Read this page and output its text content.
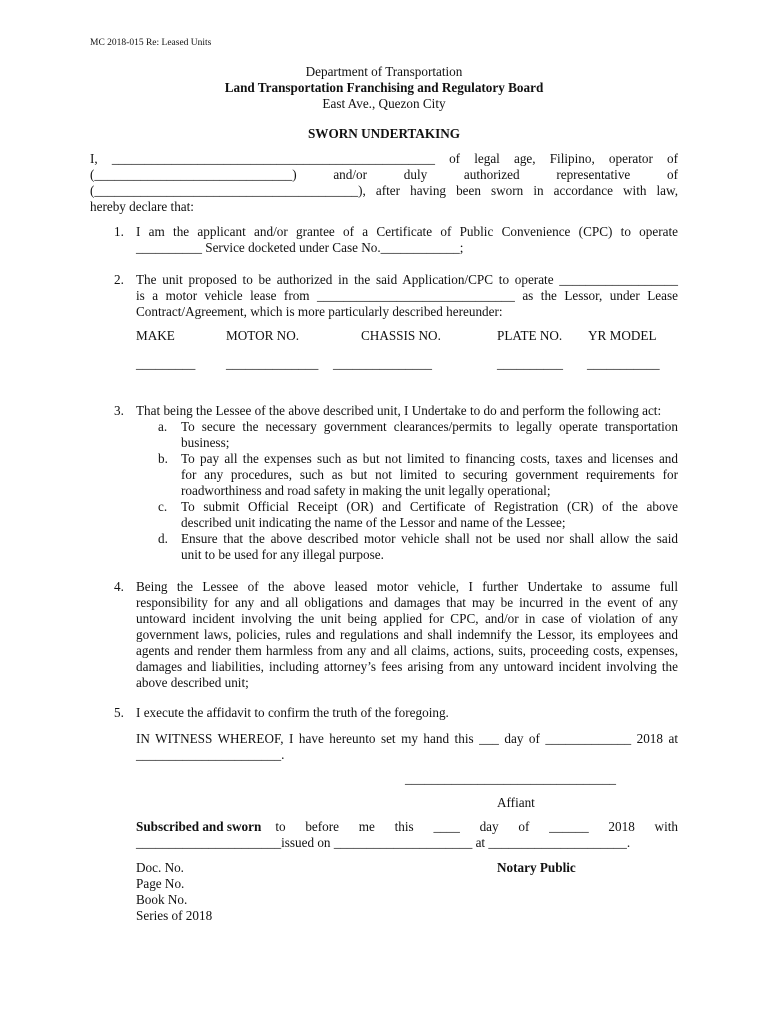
MC 2018-015 Re: Leased Units
Department of Transportation
Land Transportation Franchising and Regulatory Board
East Ave., Quezon City
SWORN UNDERTAKING
I, _________________________________________________ of legal age, Filipino, operator of
(______________________________) and/or duly authorized representative of
(________________________________________), after having been sworn in accordance with law,
hereby declare that:
1. I am the applicant and/or grantee of a Certificate of Public Convenience (CPC) to operate
__________ Service docketed under Case No.____________;
2. The unit proposed to be authorized in the said Application/CPC to operate __________________
is a motor vehicle lease from ______________________________ as the Lessor, under Lease
Contract/Agreement, which is more particularly described hereunder:
MAKE	MOTOR NO.	CHASSIS NO.	PLATE NO. YR MODEL
_________ ______________ _______________	__________ ___________
3. That being the Lessee of the above described unit, I Undertake to do and perform the following act:
a. To secure the necessary government clearances/permits to legally operate transportation
business;
b. To pay all the expenses such as but not limited to financing costs, taxes and licenses and
for any procedures, such as but not limited to securing government requirements for
roadworthiness and road safety in making the unit legally operational;
c. To submit Official Receipt (OR) and Certificate of Registration (CR) of the above
described unit indicating the name of the Lessor and name of the Lessee;
d. Ensure that the above described motor vehicle shall not be used nor shall allow the said
unit to be used for any illegal purpose.
4. Being the Lessee of the above leased motor vehicle, I further Undertake to assume full
responsibility for any and all obligations and damages that may be incurred in the event of any
untoward incident involving the unit being applied for CPC, and/or in case of violation of any
government laws, policies, rules and regulations and shall indemnify the Lessor, its employees and
agents and render them harmless from any and all claims, actions, suits, proceeding costs, expenses,
damages and liabilities, including attorney’s fees arising from any untoward incident involving the
above described unit;
5. I execute the affidavit to confirm the truth of the foregoing.
IN WITNESS WHEREOF, I have hereunto set my hand this ___ day of _____________ 2018 at
______________________.
________________________________
Affiant
Subscribed and sworn to before me this ____ day of ______ 2018 with
______________________issued on _____________________ at _____________________.
Notary Public
Doc. No.
Page No.
Book No.
Series of 2018
